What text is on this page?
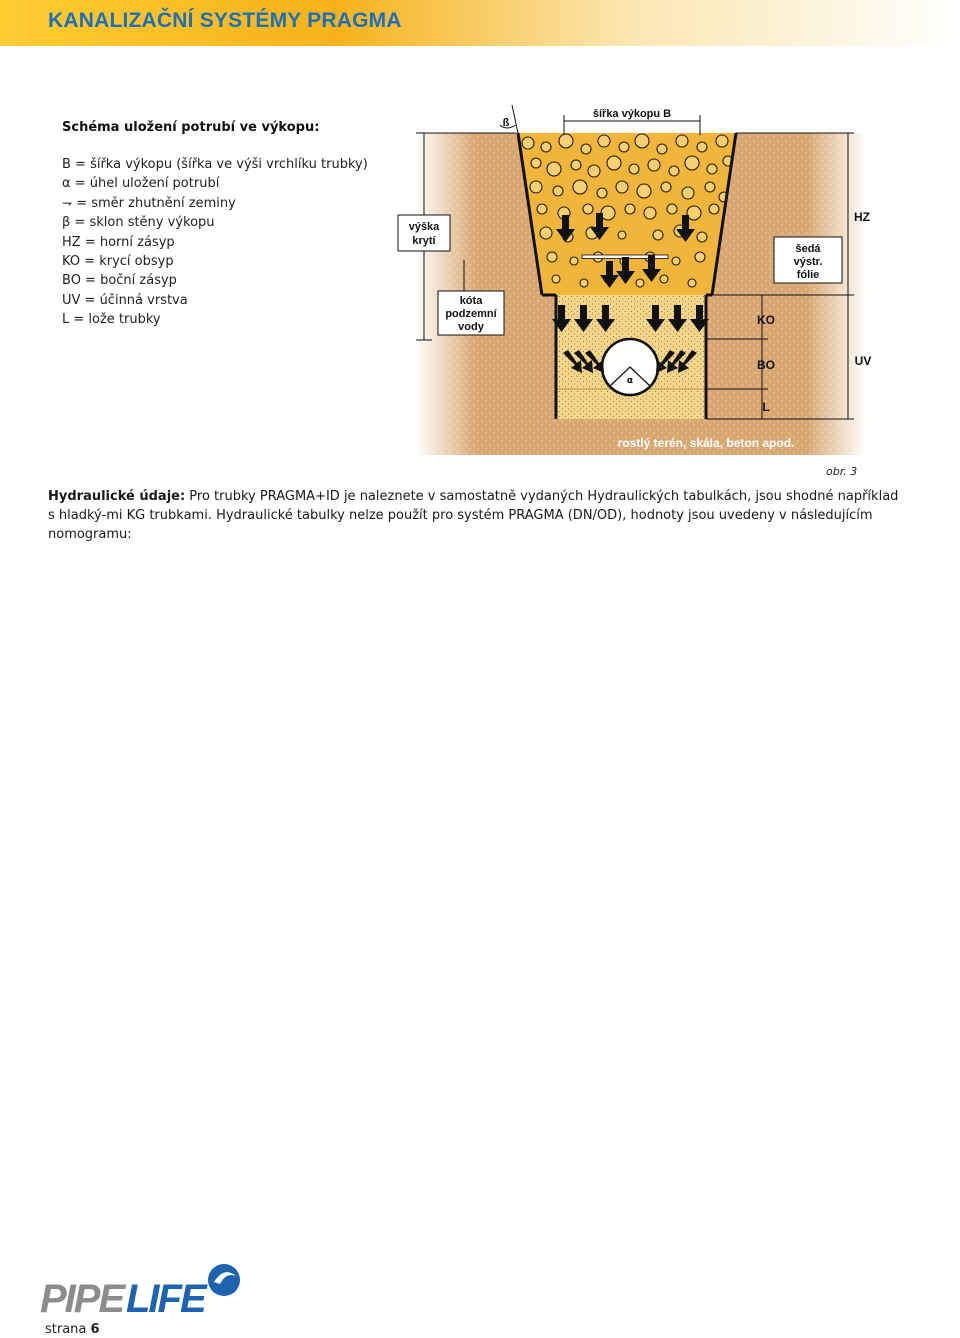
KANALIZAČNÍ SYSTÉMY PRAGMA
Schéma uložení potrubí ve výkopu:
B = šířka výkopu (šířka ve výši vrchlíku trubky)
α = úhel uložení potrubí
⇁ = směr zhutnění zeminy
β = sklon stěny výkopu
HZ = horní zásyp
KO = krycí obsyp
BO = boční zásyp
UV = účinná vrstva
L = lože trubky
α
šířka výkopu B
ß
výška
krytí
kóta
podzemní
vody
šedá
výstr.
fólie
HZ
UV
KO
BO
L
rostlý terén, skála, beton apod.
obr. 3
Hydraulické údaje: Pro trubky PRAGMA+ID je naleznete v samostatně vydaných Hydraulických tabulkách, jsou shodné například s hladký-mi KG trubkami. Hydraulické tabulky nelze použít pro systém PRAGMA (DN/OD), hodnoty jsou uvedeny v následujícím nomogramu:
PIPE LIFE
strana 6
